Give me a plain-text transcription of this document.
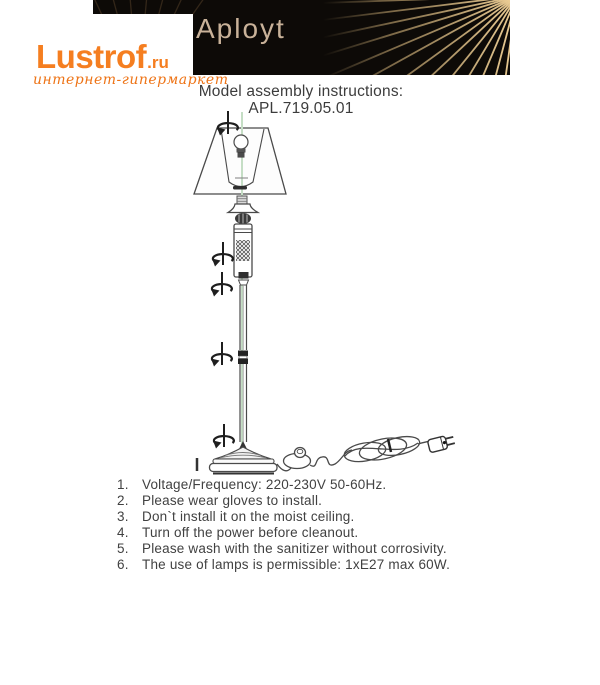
Aployt
Lustrof.ru
интернет-гипермаркет
Model assembly instructions:
APL.719.05.01
1. Voltage/Frequency: 220-230V 50-60Hz.
2. Please wear gloves to install.
3. Don`t install it on the moist ceiling.
4. Turn off the power before cleanout.
5. Please wash with the sanitizer without corrosivity.
6. The use of lamps is permissible: 1xE27 max 60W.
